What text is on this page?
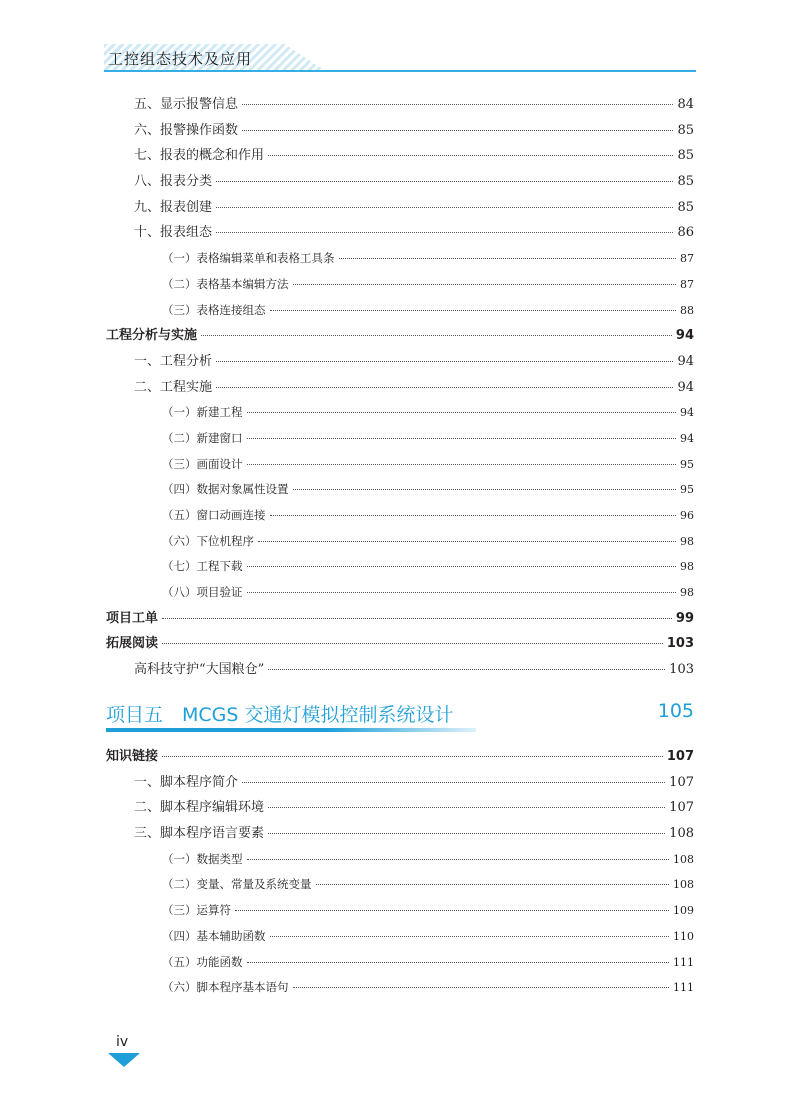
工控组态技术及应用
五、显示报警信息	84
六、报警操作函数	85
七、报表的概念和作用	85
八、报表分类	85
九、报表创建	85
十、报表组态	86
（一）表格编辑菜单和表格工具条	87
（二）表格基本编辑方法	87
（三）表格连接组态	88
工程分析与实施	94
一、工程分析	94
二、工程实施	94
（一）新建工程	94
（二）新建窗口	94
（三）画面设计	95
（四）数据对象属性设置	95
（五）窗口动画连接	96
（六）下位机程序	98
（七）工程下载	98
（八）项目验证	98
项目工单	99
拓展阅读	103
高科技守护“大国粮仓”	103
项目五　MCGS 交通灯模拟控制系统设计	105
知识链接	107
一、脚本程序简介	107
二、脚本程序编辑环境	107
三、脚本程序语言要素	108
（一）数据类型	108
（二）变量、常量及系统变量	108
（三）运算符	109
（四）基本辅助函数	110
（五）功能函数	111
（六）脚本程序基本语句	111
iv
